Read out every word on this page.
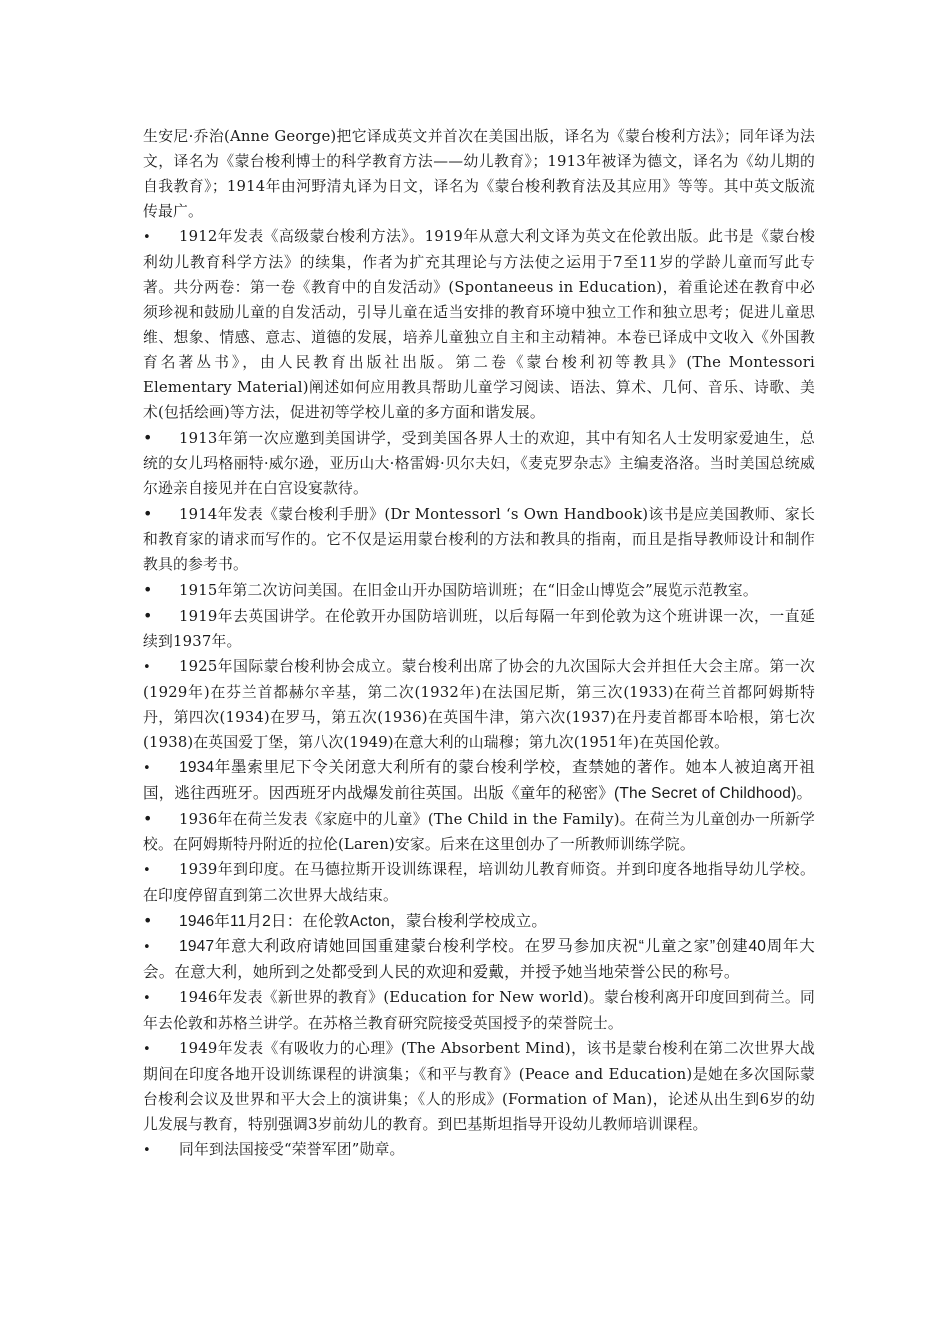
生安尼·乔治(Anne George)把它译成英文并首次在美国出版，译名为《蒙台梭利方法》；同年译为法文，译名为《蒙台梭利博士的科学教育方法——幼儿教育》；1913年被译为德文，译名为《幼儿期的自我教育》；1914年由河野清丸译为日文，译名为《蒙台梭利教育法及其应用》等等。其中英文版流传最广。

• 1912年发表《高级蒙台梭利方法》。1919年从意大利文译为英文在伦敦出版。此书是《蒙台梭利幼儿教育科学方法》的续集，作者为扩充其理论与方法使之运用于7至11岁的学龄儿童而写此专著。共分两卷：第一卷《教育中的自发活动》(Spontaneeus in Education)，着重论述在教育中必须珍视和鼓励儿童的自发活动，引导儿童在适当安排的教育环境中独立工作和独立思考；促进儿童思维、想象、情感、意志、道德的发展，培养儿童独立自主和主动精神。本卷已译成中文收入《外国教育名著丛书》，由人民教育出版社出版。第二卷《蒙台梭利初等教具》(The Montessori Elementary Material)阐述如何应用教具帮助儿童学习阅读、语法、算术、几何、音乐、诗歌、美术(包括绘画)等方法，促进初等学校儿童的多方面和谐发展。

• 1913年第一次应邀到美国讲学，受到美国各界人士的欢迎，其中有知名人士发明家爱迪生，总统的女儿玛格丽特·威尔逊，亚历山大·格雷姆·贝尔夫妇，《麦克罗杂志》主编麦洛洛。当时美国总统威尔逊亲自接见并在白宫设宴款待。

• 1914年发表《蒙台梭利手册》(Dr Montessorl ‘s Own Handbook)该书是应美国教师、家长和教育家的请求而写作的。它不仅是运用蒙台梭利的方法和教具的指南，而且是指导教师设计和制作教具的参考书。

• 1915年第二次访问美国。在旧金山开办国防培训班；在“旧金山博览会”展览示范教室。

• 1919年去英国讲学。在伦敦开办国防培训班，以后每隔一年到伦敦为这个班讲课一次，一直延续到1937年。

• 1925年国际蒙台梭利协会成立。蒙台梭利出席了协会的九次国际大会并担任大会主席。第一次(1929年)在芬兰首都赫尔辛基，第二次(1932年)在法国尼斯，第三次(1933)在荷兰首都阿姆斯特丹，第四次(1934)在罗马，第五次(1936)在英国牛津，第六次(1937)在丹麦首都哥本哈根，第七次(1938)在英国爱丁堡，第八次(1949)在意大利的山瑞穆；第九次(1951年)在英国伦敦。

• 1934年墨索里尼下令关闭意大利所有的蒙台梭利学校，查禁她的著作。她本人被迫离开祖国，逃往西班牙。因西班牙内战爆发前往英国。出版《童年的秘密》(The Secret of Childhood)。

• 1936年在荷兰发表《家庭中的儿童》(The Child in the Family)。在荷兰为儿童创办一所新学校。在阿姆斯特丹附近的拉伦(Laren)安家。后来在这里创办了一所教师训练学院。

• 1939年到印度。在马德拉斯开设训练课程，培训幼儿教育师资。并到印度各地指导幼儿学校。在印度停留直到第二次世界大战结束。

• 1946年11月2日：在伦敦Acton，蒙台梭利学校成立。

• 1947年意大利政府请她回国重建蒙台梭利学校。在罗马参加庆祝“儿童之家”创建40周年大会。在意大利，她所到之处都受到人民的欢迎和爱戴，并授予她当地荣誉公民的称号。

• 1946年发表《新世界的教育》(Education for New world)。蒙台梭利离开印度回到荷兰。同年去伦敦和苏格兰讲学。在苏格兰教育研究院接受英国授予的荣誉院士。

• 1949年发表《有吸收力的心理》(The Absorbent Mind)，该书是蒙台梭利在第二次世界大战期间在印度各地开设训练课程的讲演集；《和平与教育》(Peace and Education)是她在多次国际蒙台梭利会议及世界和平大会上的演讲集；《人的形成》(Formation of Man)，论述从出生到6岁的幼儿发展与教育，特别强调3岁前幼儿的教育。到巴基斯坦指导开设幼儿教师培训课程。

• 同年到法国接受“荣誉军团”勋章。
